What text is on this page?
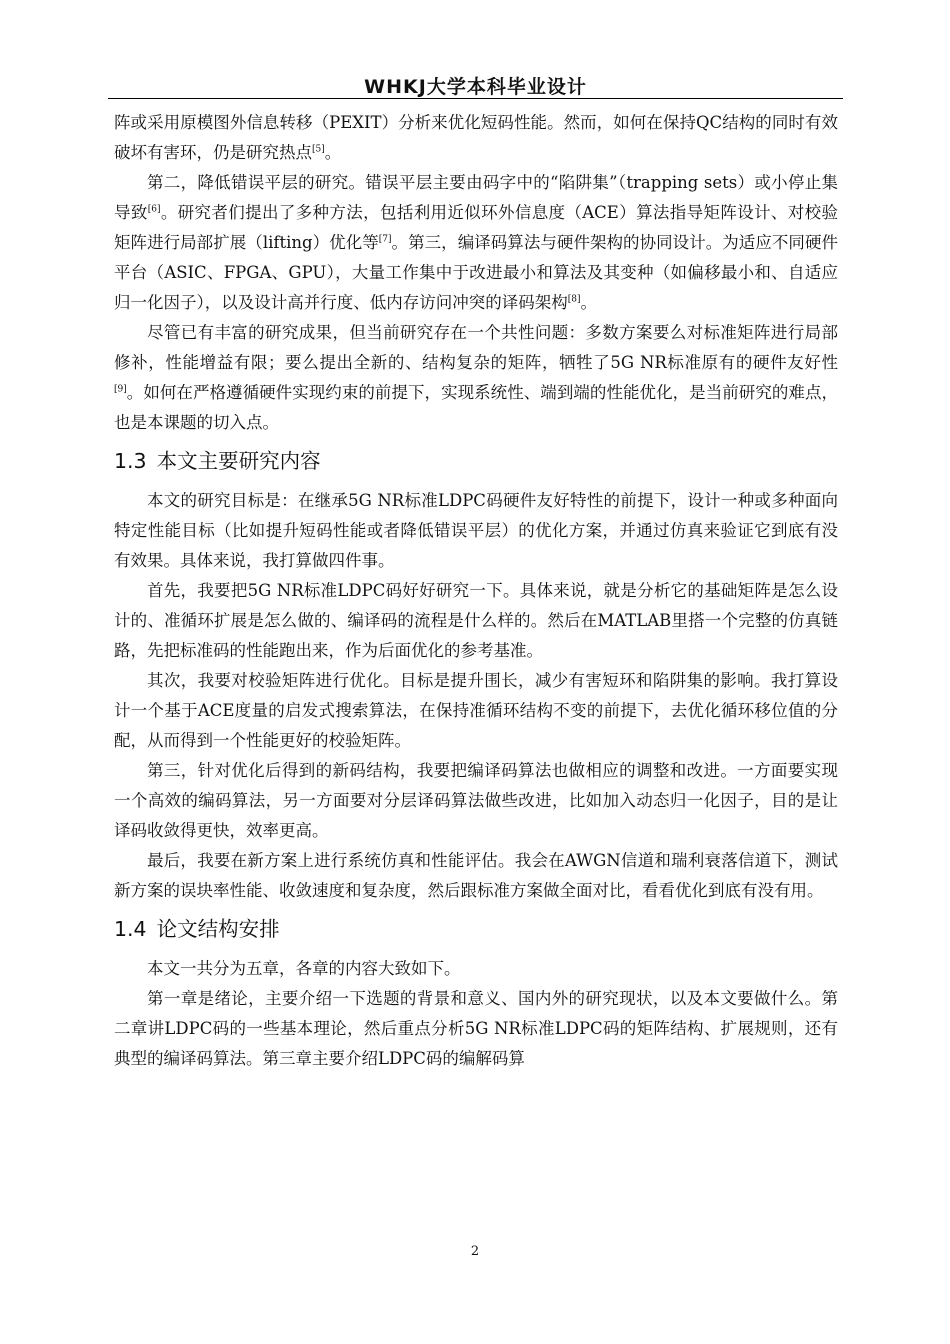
WHKJ大学本科毕业设计

阵或采用原模图外信息转移（PEXIT）分析来优化短码性能。然而，如何在保持QC结构的同时有效破坏有害环，仍是研究热点[5]。

第二，降低错误平层的研究。错误平层主要由码字中的“陷阱集”（trapping sets）或小停止集导致[6]。研究者们提出了多种方法，包括利用近似环外信息度（ACE）算法指导矩阵设计、对校验矩阵进行局部扩展（lifting）优化等[7]。第三，编译码算法与硬件架构的协同设计。为适应不同硬件平台（ASIC、FPGA、GPU），大量工作集中于改进最小和算法及其变种（如偏移最小和、自适应归一化因子），以及设计高并行度、低内存访问冲突的译码架构[8]。

尽管已有丰富的研究成果，但当前研究存在一个共性问题：多数方案要么对标准矩阵进行局部修补，性能增益有限；要么提出全新的、结构复杂的矩阵，牺牲了5G NR标准原有的硬件友好性[9]。如何在严格遵循硬件实现约束的前提下，实现系统性、端到端的性能优化，是当前研究的难点，也是本课题的切入点。

1.3 本文主要研究内容

本文的研究目标是：在继承5G NR标准LDPC码硬件友好特性的前提下，设计一种或多种面向特定性能目标（比如提升短码性能或者降低错误平层）的优化方案，并通过仿真来验证它到底有没有效果。具体来说，我打算做四件事。

首先，我要把5G NR标准LDPC码好好研究一下。具体来说，就是分析它的基础矩阵是怎么设计的、准循环扩展是怎么做的、编译码的流程是什么样的。然后在MATLAB里搭一个完整的仿真链路，先把标准码的性能跑出来，作为后面优化的参考基准。

其次，我要对校验矩阵进行优化。目标是提升围长，减少有害短环和陷阱集的影响。我打算设计一个基于ACE度量的启发式搜索算法，在保持准循环结构不变的前提下，去优化循环移位值的分配，从而得到一个性能更好的校验矩阵。

第三，针对优化后得到的新码结构，我要把编译码算法也做相应的调整和改进。一方面要实现一个高效的编码算法，另一方面要对分层译码算法做些改进，比如加入动态归一化因子，目的是让译码收敛得更快，效率更高。

最后，我要在新方案上进行系统仿真和性能评估。我会在AWGN信道和瑞利衰落信道下，测试新方案的误块率性能、收敛速度和复杂度，然后跟标准方案做全面对比，看看优化到底有没有用。

1.4 论文结构安排

本文一共分为五章，各章的内容大致如下。

第一章是绪论，主要介绍一下选题的背景和意义、国内外的研究现状，以及本文要做什么。第二章讲LDPC码的一些基本理论，然后重点分析5G NR标准LDPC码的矩阵结构、扩展规则，还有典型的编译码算法。第三章主要介绍LDPC码的编解码算

2
